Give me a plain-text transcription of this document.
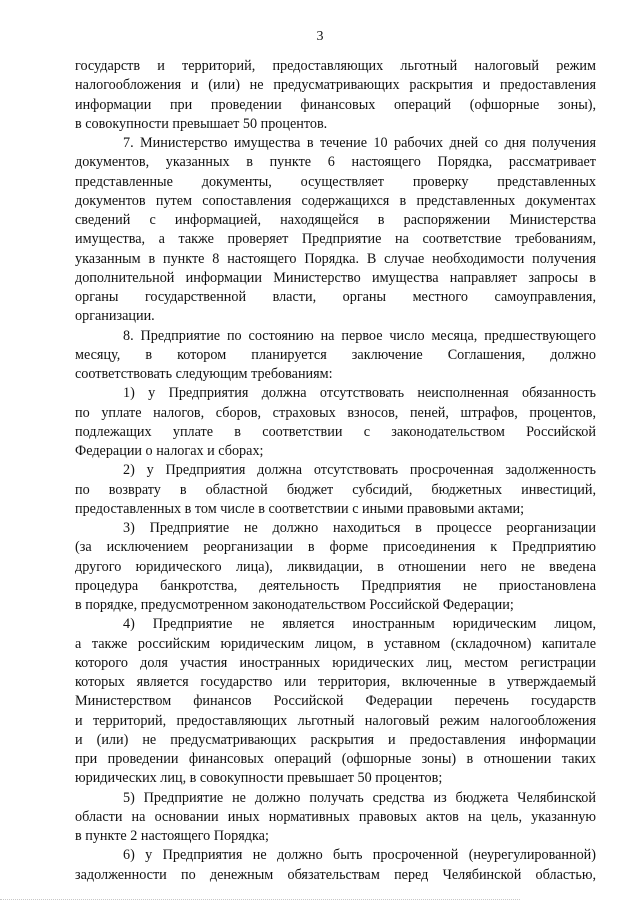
3

государств и территорий, предоставляющих льготный налоговый режим
налогообложения и (или) не предусматривающих раскрытия и предоставления
информации при проведении финансовых операций (офшорные зоны),
в совокупности превышает 50 процентов.

7. Министерство имущества в течение 10 рабочих дней со дня получения
документов, указанных в пункте 6 настоящего Порядка, рассматривает
представленные документы, осуществляет проверку представленных
документов путем сопоставления содержащихся в представленных документах
сведений с информацией, находящейся в распоряжении Министерства
имущества, а также проверяет Предприятие на соответствие требованиям,
указанным в пункте 8 настоящего Порядка. В случае необходимости получения
дополнительной информации Министерство имущества направляет запросы в
органы государственной власти, органы местного самоуправления,
организации.

8. Предприятие по состоянию на первое число месяца, предшествующего
месяцу, в котором планируется заключение Соглашения, должно
соответствовать следующим требованиям:

1) у Предприятия должна отсутствовать неисполненная обязанность
по уплате налогов, сборов, страховых взносов, пеней, штрафов, процентов,
подлежащих уплате в соответствии с законодательством Российской
Федерации о налогах и сборах;

2) у Предприятия должна отсутствовать просроченная задолженность
по возврату в областной бюджет субсидий, бюджетных инвестиций,
предоставленных в том числе в соответствии с иными правовыми актами;

3) Предприятие не должно находиться в процессе реорганизации
(за исключением реорганизации в форме присоединения к Предприятию
другого юридического лица), ликвидации, в отношении него не введена
процедура банкротства, деятельность Предприятия не приостановлена
в порядке, предусмотренном законодательством Российской Федерации;

4) Предприятие не является иностранным юридическим лицом,
а также российским юридическим лицом, в уставном (складочном) капитале
которого доля участия иностранных юридических лиц, местом регистрации
которых является государство или территория, включенные в утверждаемый
Министерством финансов Российской Федерации перечень государств
и территорий, предоставляющих льготный налоговый режим налогообложения
и (или) не предусматривающих раскрытия и предоставления информации
при проведении финансовых операций (офшорные зоны) в отношении таких
юридических лиц, в совокупности превышает 50 процентов;

5) Предприятие не должно получать средства из бюджета Челябинской
области на основании иных нормативных правовых актов на цель, указанную
в пункте 2 настоящего Порядка;

6) у Предприятия не должно быть просроченной (неурегулированной)
задолженности по денежным обязательствам перед Челябинской областью,
